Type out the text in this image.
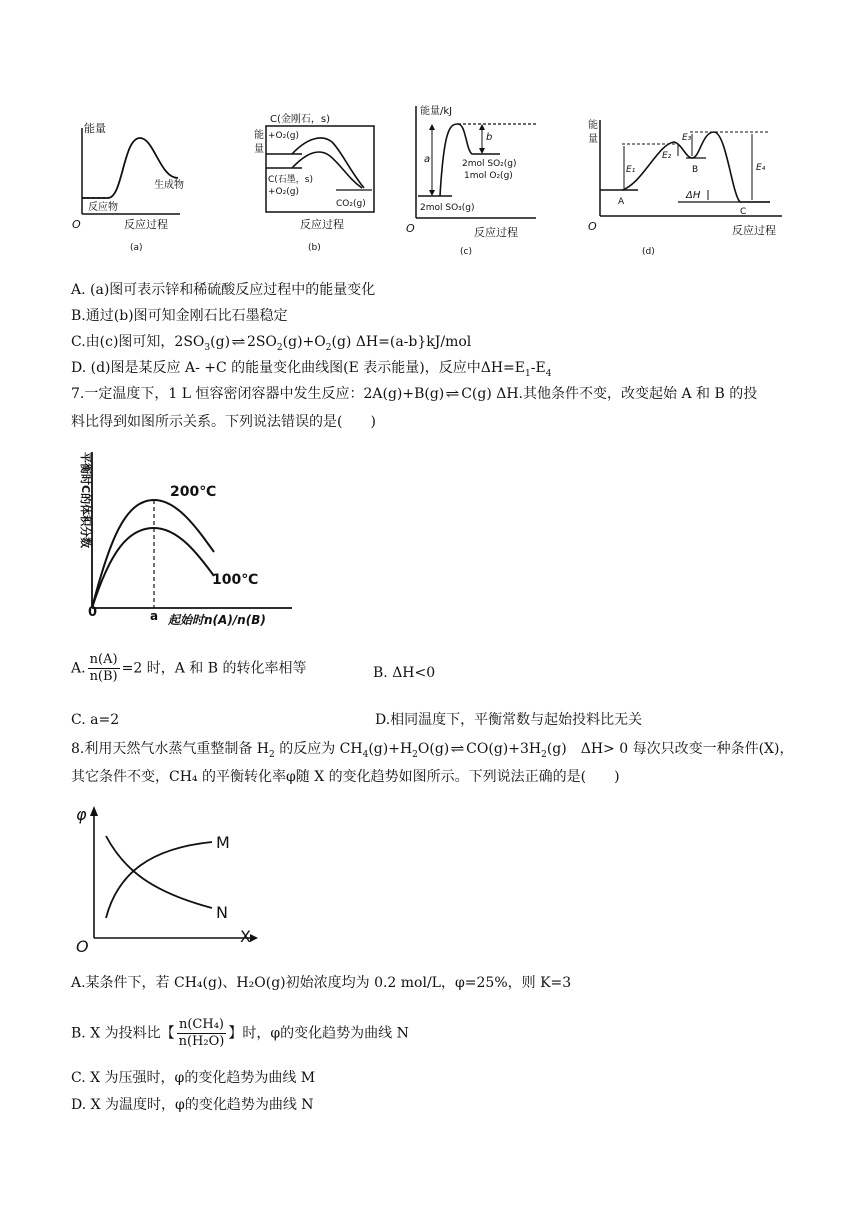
能量
生成物
反应物
反应过程
O
(a)
C(金刚石，s)
+O₂(g)
能
量
C(石墨，s)
+O₂(g)
CO₂(g)
反应过程
(b)
能量/kJ
b
a	2mol SO₂(g)
1mol O₂(g)
2mol SO₃(g)
反应过程
O
(c)
能
量	E₃
E₂
E₁	E₄
B
A
ΔH
C
反应过程
O
(d)
A. (a)图可表示锌和稀硫酸反应过程中的能量变化
B.通过(b)图可知金刚石比石墨稳定
C.由(c)图可知，$2SO_3(g)\rightleftharpoons 2SO_2(g)+O_2(g)$ ΔH=(a-b}kJ/mol
D. (d)图是某反应 A- +C 的能量变化曲线图(E 表示能量)，反应中$\Delta H=E_1-E_4$
7.一定温度下，1 L 恒容密闭容器中发生反应：2A(g)+B(g)⇌C(g) ΔH.其他条件不变，改变起始 A 和 B 的投
料比得到如图所示关系。下列说法错误的是(　　)
平衡时C的体积分数	200℃
100℃
起始时n(A)/n(B)
0	a
A. $\frac{n(A)}{n(B)} =2$ 时，A 和 B 的转化率相等	B. ΔH<0
C. a=2	D.相同温度下，平衡常数与起始投料比无关
8.利用天然气水蒸气重整制备 $H_2$ 的反应为 $CH_4(g)+H_2O(g)\rightleftharpoons CO(g)+3H_2(g)$　ΔH> 0 每次只改变一种条件(X)，
其它条件不变，CH₄ 的平衡转化率φ随 X 的变化趋势如图所示。下列说法正确的是(　　)
φ
M
N
X
O
A.某条件下，若 CH₄(g)、H₂O(g)初始浓度均为 0.2 mol/L，φ=25%，则 K=3
B. X 为投料比【 $\frac{\text{n(CH₄)}}{\text{n(H₂O)}}$ 】时，φ的变化趋势为曲线 N
C. X 为压强时，φ的变化趋势为曲线 M
D. X 为温度时，φ的变化趋势为曲线 N
